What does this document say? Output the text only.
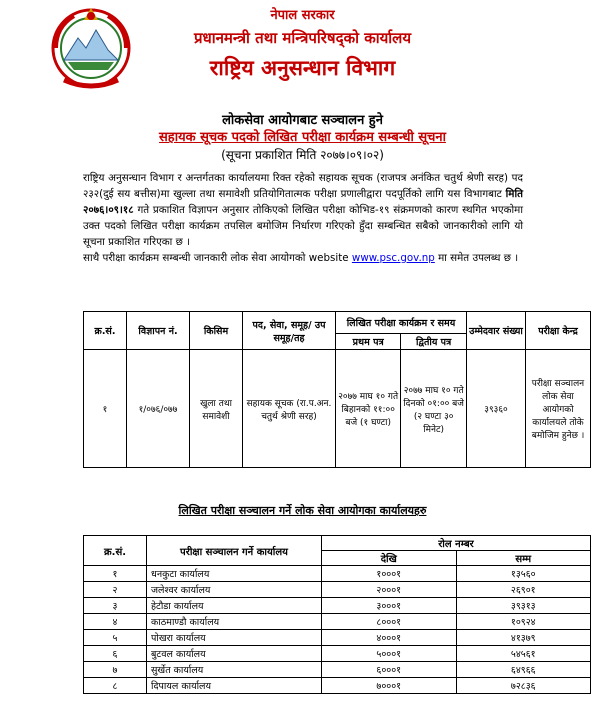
नेपाल सरकार
प्रधानमन्त्री तथा मन्त्रिपरिषद्को कार्यालय
राष्ट्रिय अनुसन्धान विभाग
लोकसेवा आयोगबाट सञ्चालन हुने
सहायक सूचक पदको लिखित परीक्षा कार्यक्रम सम्बन्धी सूचना
(सूचना प्रकाशित मिति २०७७।०९।०२)

राष्ट्रिय अनुसन्धान विभाग र अन्तर्गतका कार्यालयमा रिक्त रहेको सहायक सूचक (राजपत्र अनंकित चतुर्थ श्रेणी सरह) पद २३२(दुई सय बत्तीस)मा खुल्ला तथा समावेशी प्रतियोगितात्मक परीक्षा प्रणालीद्वारा पदपूर्तिको लागि यस विभागबाट मिति २०७६।०९।१८ गते प्रकाशित विज्ञापन अनुसार तोकिएको लिखित परीक्षा कोभिड-१९ संक्रमणको कारण स्थगित भएकोमा उक्त पदको लिखित परीक्षा कार्यक्रम तपसिल बमोजिम निर्धारण गरिएको हुँदा सम्बन्धित सबैको जानकारीको लागि यो सूचना प्रकाशित गरिएका छ ।

साथै परीक्षा कार्यक्रम सम्बन्धी जानकारी लोक सेवा आयोगको website www.psc.gov.np मा समेत उपलब्ध छ ।

क्र.सं.	विज्ञापन नं.	किसिम	पद, सेवा, समूह/ उप समूह/तह	लिखित परीक्षा कार्यक्रम र समय		उम्मेदवार संख्या	परीक्षा केन्द्र
				प्रथम पत्र	द्वितीय पत्र		
१	१/०७६/०७७	खुला तथा समावेशी	सहायक सूचक (रा.प.अन. चतुर्थ श्रेणी सरह)	२०७७ माघ १० गते बिहानको ११:०० बजे (१ घण्टा)	२०७७ माघ १० गते दिनको ०१:०० बजे (२ घण्टा ३० मिनेट)	३९३६०	परीक्षा सञ्चालन लोक सेवा आयोगको कार्यालयले तोके बमोजिम हुनेछ ।
लिखित परीक्षा सञ्चालन गर्ने लोक सेवा आयोगका कार्यालयहरु
क्र.सं.	परीक्षा सञ्चालन गर्ने कार्यालय	रोल नम्बर	
		देखि	सम्म
१	धनकुटा कार्यालय	१०००१	१३५६०
२	जलेश्वर कार्यालय	२०००१	२६९०१
३	हेटौडा कार्यालय	३०००१	३९३१३
४	काठमाण्डौ कार्यालय	८०००१	१०९२४
५	पोखरा कार्यालय	४०००१	४१३७९
६	बुटवल कार्यालय	५०००१	५४५६१
७	सुर्खेत कार्यालय	६०००१	६४९६६
८	दिपायल कार्यालय	७०००१	७२८३६
